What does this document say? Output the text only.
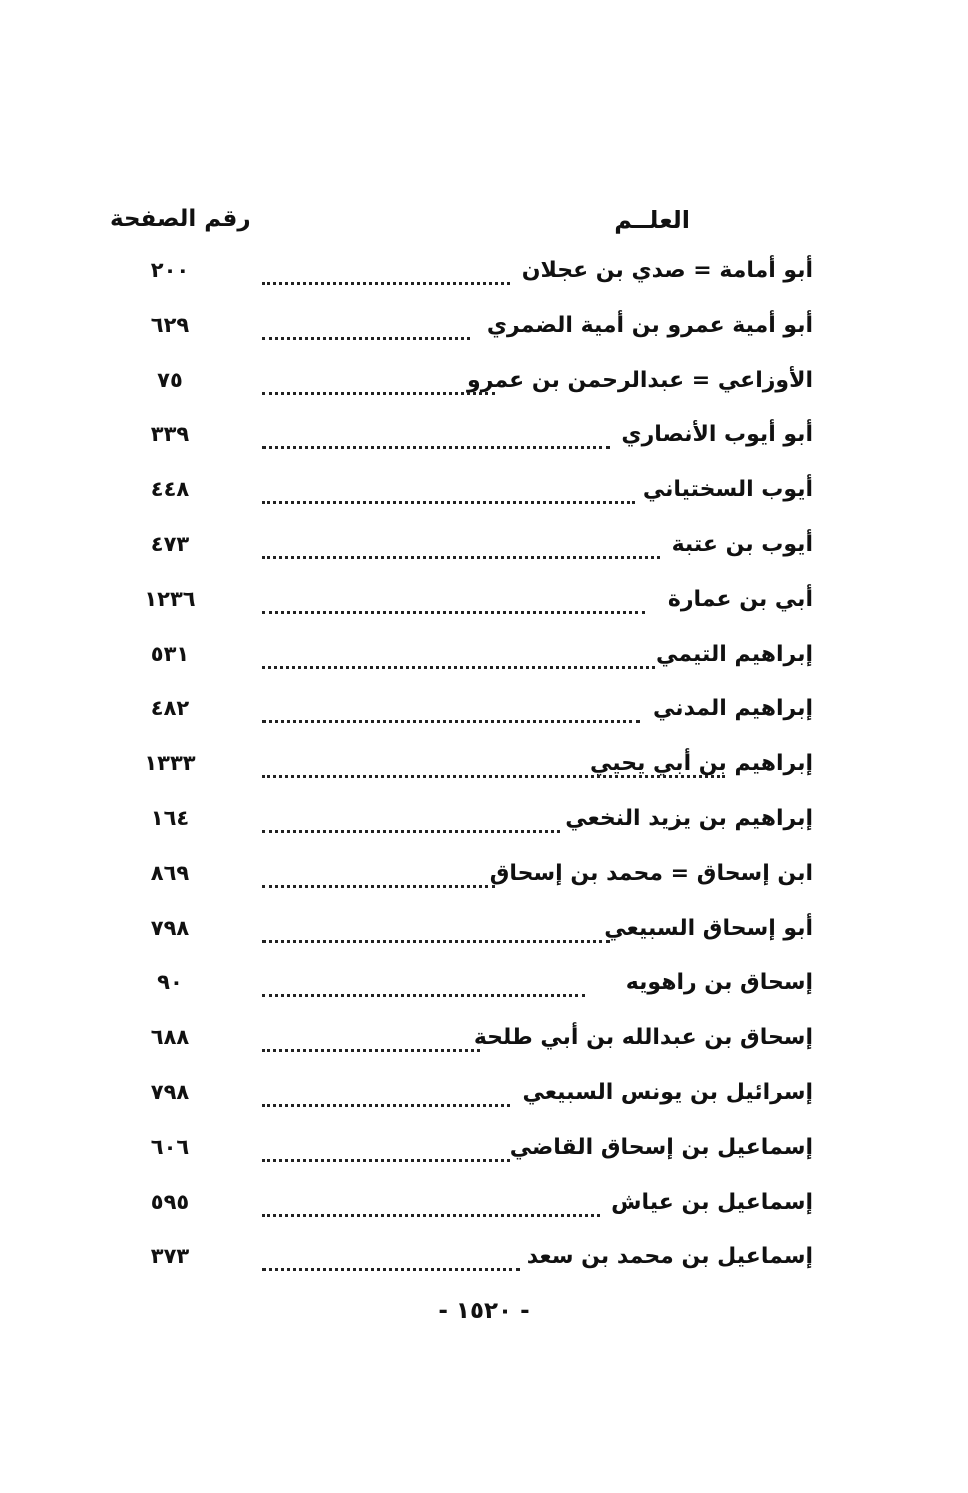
العلــم
رقم الصفحة
أبو أمامة = صدي بن عجلان
٢٠٠
أبو أمية عمرو بن أمية الضمري
٦٢٩
الأوزاعي = عبدالرحمن بن عمرو
٧٥
أبو أيوب الأنصاري
٣٣٩
أيوب السختياني
٤٤٨
أيوب بن عتبة
٤٧٣
أبي بن عمارة
١٢٣٦
إبراهيم التيمي
٥٣١
إبراهيم المدني
٤٨٢
إبراهيم بن أبي يحيي
١٣٣٣
إبراهيم بن يزيد النخعي
١٦٤
ابن إسحاق = محمد بن إسحاق
٨٦٩
أبو إسحاق السبيعي
٧٩٨
إسحاق بن راهويه
٩٠
إسحاق بن عبدالله بن أبي طلحة
٦٨٨
إسرائيل بن يونس السبيعي
٧٩٨
إسماعيل بن إسحاق القاضي
٦٠٦
إسماعيل بن عياش
٥٩٥
إسماعيل بن محمد بن سعد
٣٧٣
- ١٥٢٠ -
